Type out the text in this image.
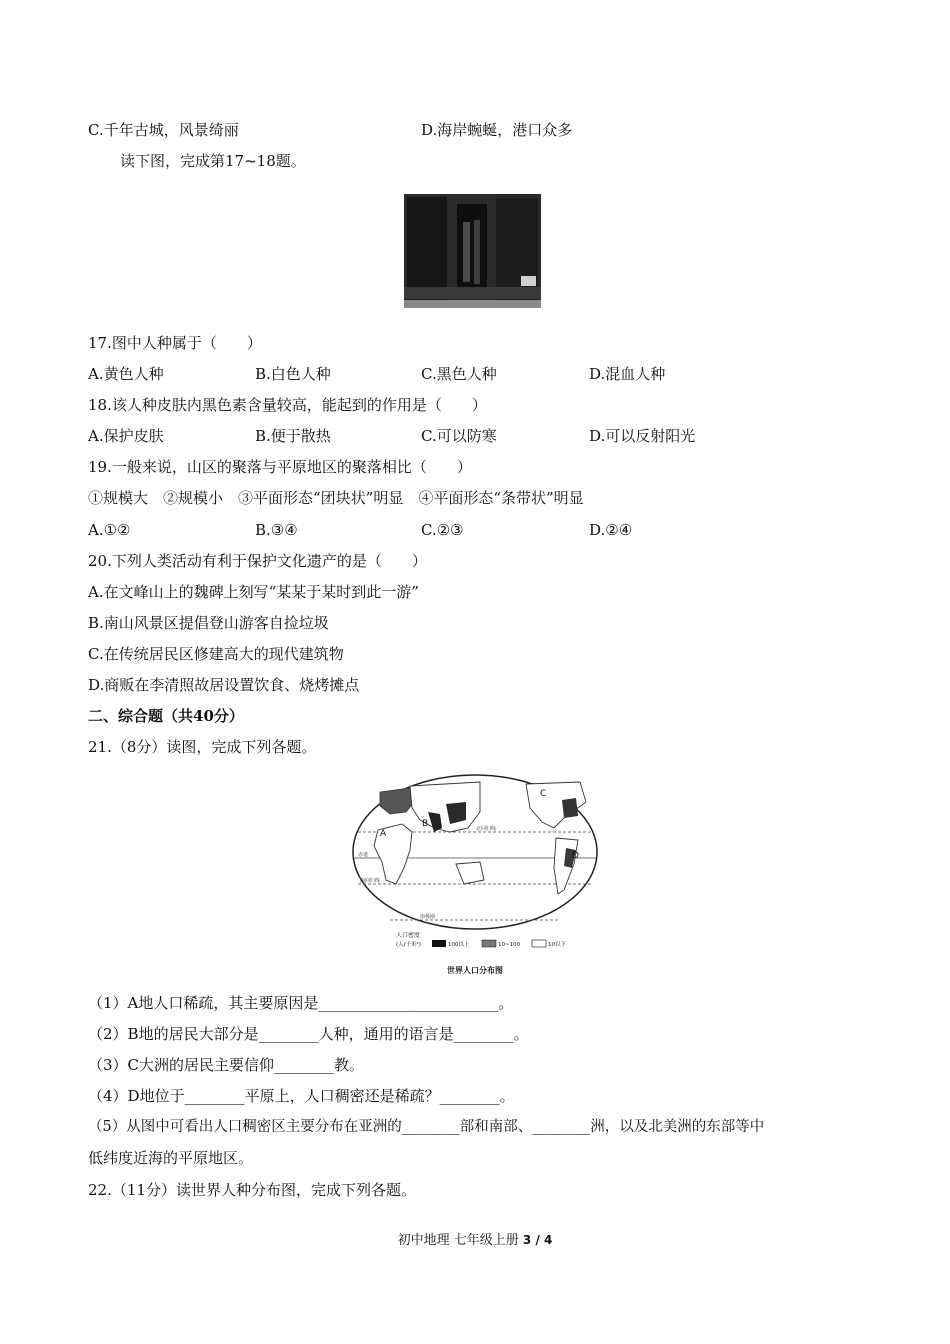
C.千年古城，风景绮丽	D.海岸蜿蜒，港口众多
读下图，完成第17~18题。
17.图中人种属于（　　）
A.黄色人种	B.白色人种	C.黑色人种	D.混血人种
18.该人种皮肤内黑色素含量较高，能起到的作用是（　　）
A.保护皮肤	B.便于散热	C.可以防寒	D.可以反射阳光
19.一般来说，山区的聚落与平原地区的聚落相比（　　）
①规模大　②规模小　③平面形态“团块状”明显　④平面形态“条带状”明显
A.①②	B.③④	C.②③	D.②④
20.下列人类活动有利于保护文化遗产的是（　　）
A.在文峰山上的魏碑上刻写“某某于某时到此一游”
B.南山风景区提倡登山游客自捡垃圾
C.在传统居民区修建高大的现代建筑物
D.商贩在李清照故居设置饮食、烧烤摊点
二、综合题（共40分）
21.（8分）读图，完成下列各题。
A
B
C
D
北回归线
赤道
南回归线
南极圈
人口密度
(人/千米²)	100以上	10~100	10以下
世界人口分布图
（1）A地人口稀疏，其主要原因是________________________。
（2）B地的居民大部分是________人种，通用的语言是________。
（3）C大洲的居民主要信仰________教。
（4）D地位于________平原上，人口稠密还是稀疏？________。
（5）从图中可看出人口稠密区主要分布在亚洲的________部和南部、________洲，以及北美洲的东部等中
低纬度近海的平原地区。
22.（11分）读世界人种分布图，完成下列各题。
初中地理 七年级上册 3 / 4
